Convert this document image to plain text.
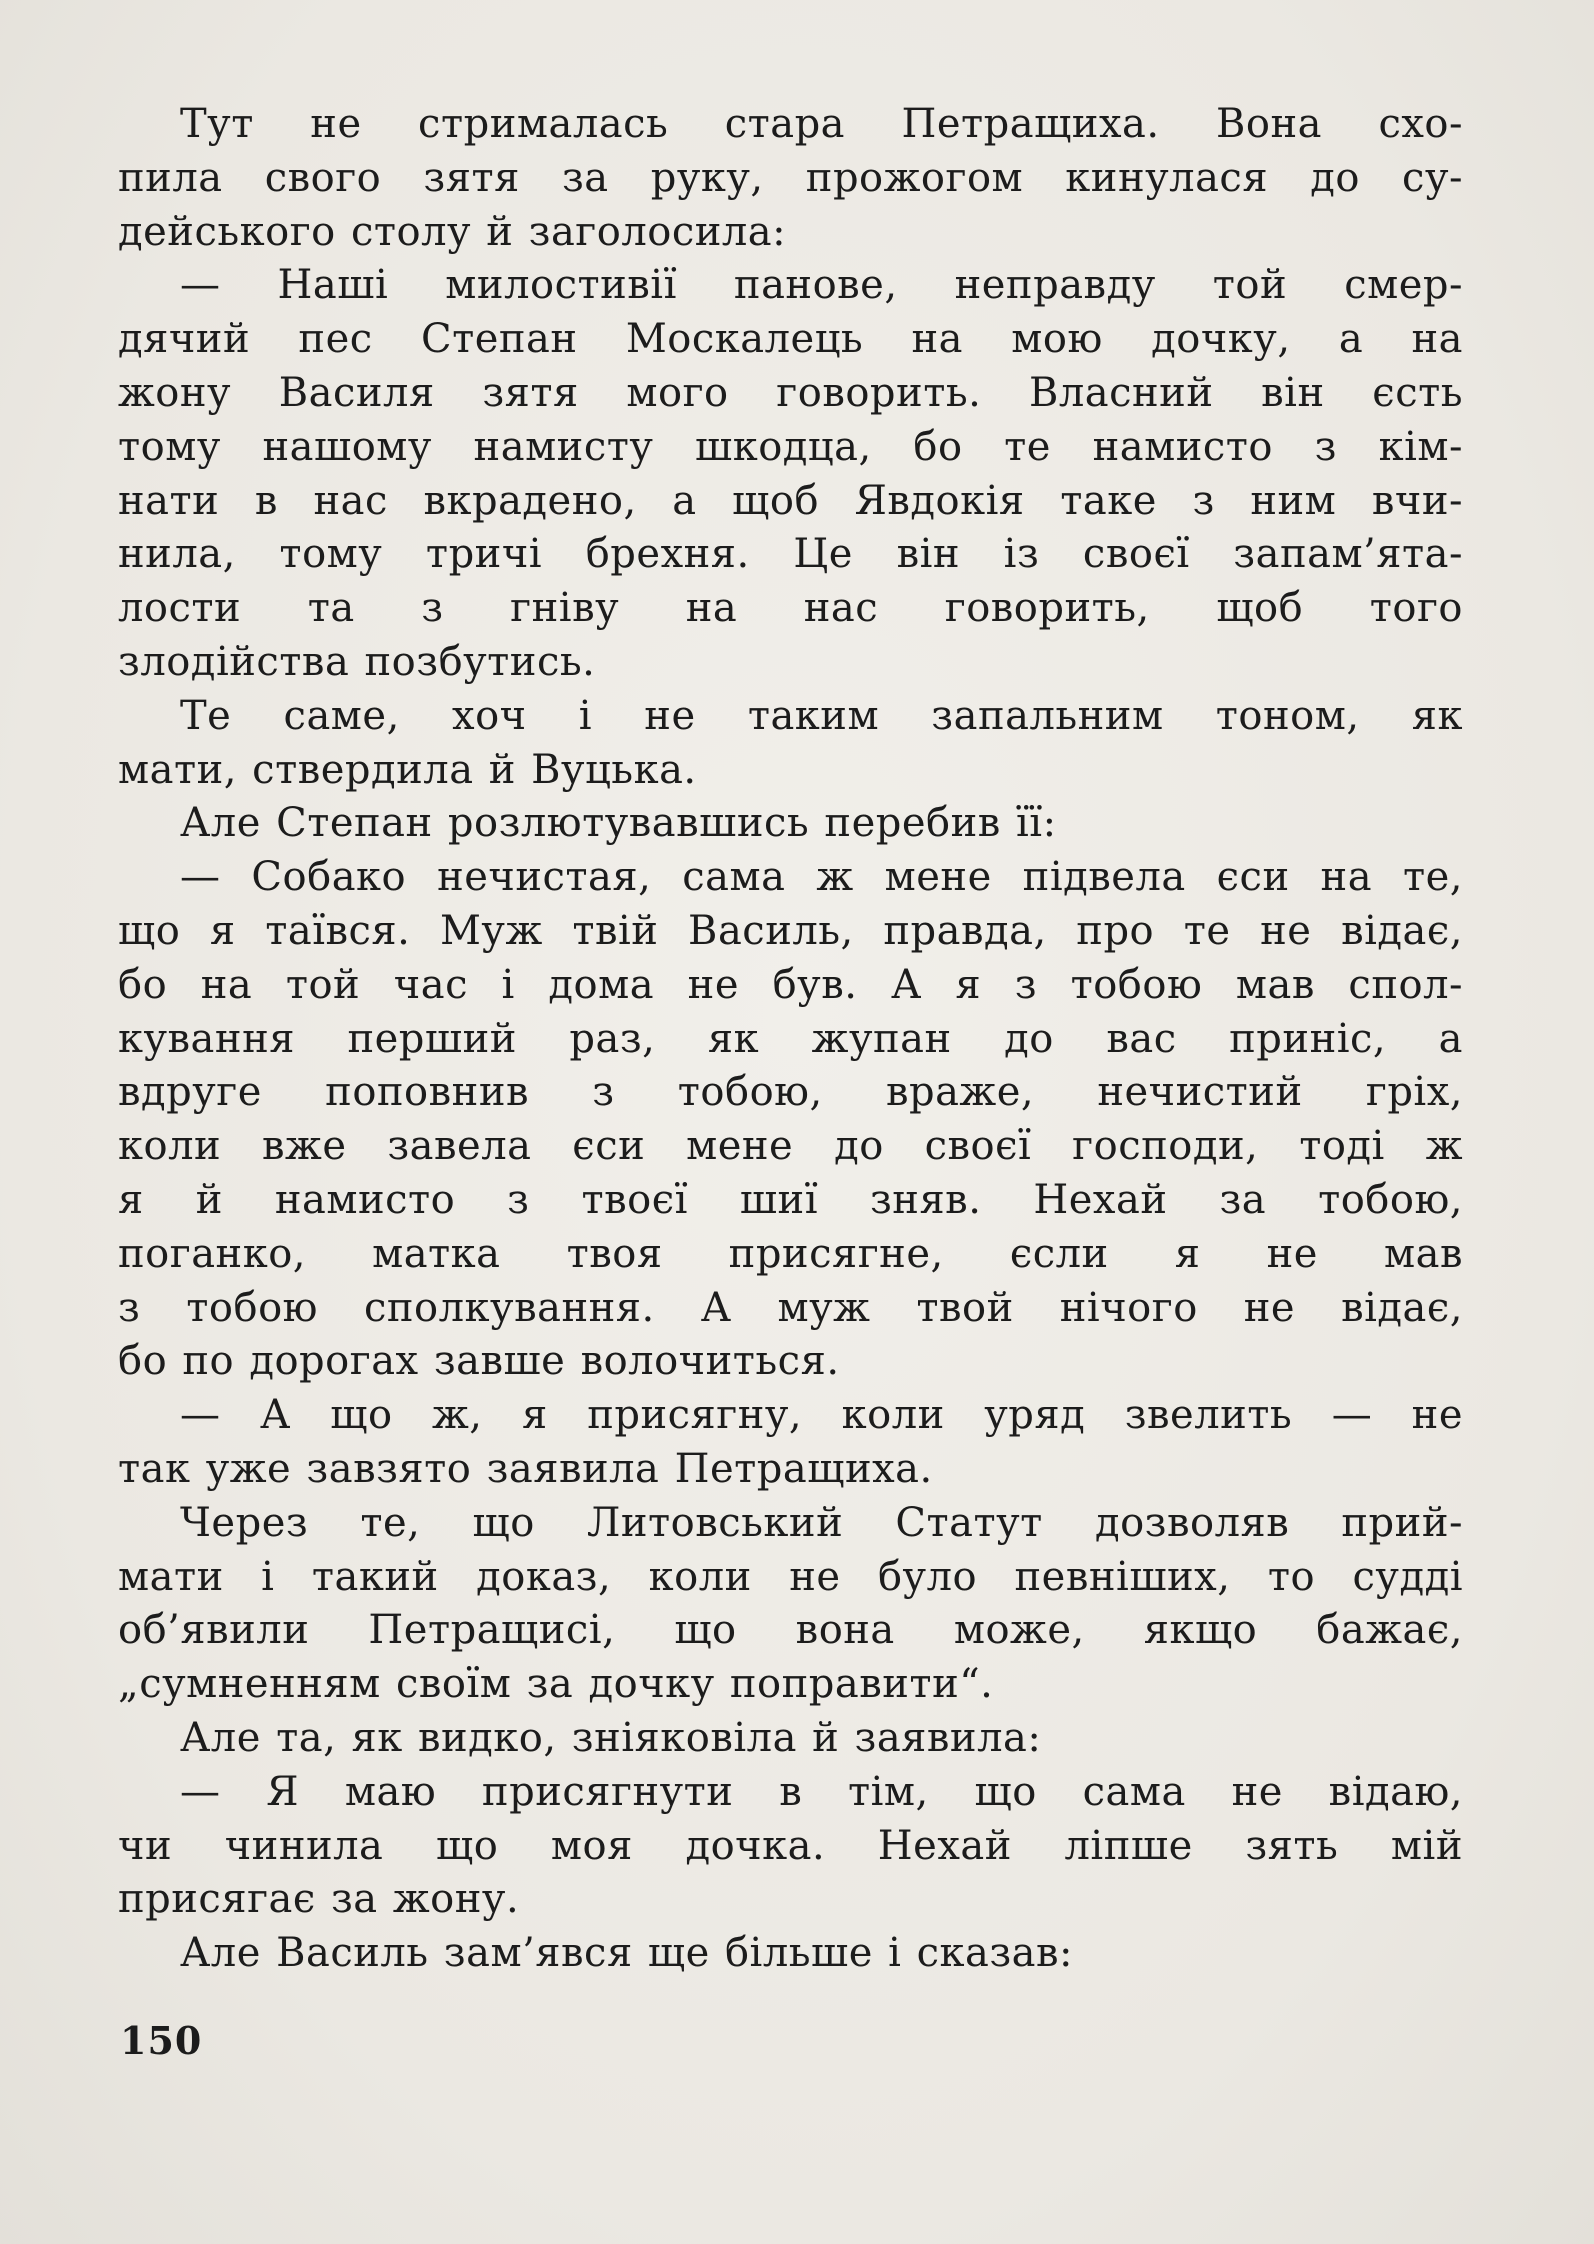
Тут не стрималась стара Петращиха. Вона схо-
пила свого зятя за руку, прожогом кинулася до су-
дейського столу й заголосила:
— Наші милостивії панове, неправду той смер-
дячий пес Степан Москалець на мою дочку, а на
жону Василя зятя мого говорить. Власний він єсть
тому нашому намисту шкодца, бо те намисто з кім-
нати в нас вкрадено, а щоб Явдокія таке з ним вчи-
нила, тому тричі брехня. Це він із своєї запам’ята-
лости та з гніву на нас говорить, щоб того
злодійства позбутись.
Те саме, хоч і не таким запальним тоном, як
мати, ствердила й Вуцька.
Але Степан розлютувавшись перебив її:
— Собако нечистая, сама ж мене підвела єси на те,
що я таївся. Муж твій Василь, правда, про те не відає,
бо на той час і дома не був. А я з тобою мав спол-
кування перший раз, як жупан до вас приніс, а
вдруге поповнив з тобою, враже, нечистий гріх,
коли вже завела єси мене до своєї господи, тоді ж
я й намисто з твоєї шиї зняв. Нехай за тобою,
поганко, матка твоя присягне, єсли я не мав
з тобою сполкування. А муж твой нічого не відає,
бо по дорогах завше волочиться.
— А що ж, я присягну, коли уряд звелить — не
так уже завзято заявила Петращиха.
Через те, що Литовський Статут дозволяв прий-
мати і такий доказ, коли не було певніших, то судді
об’явили Петращисі, що вона може, якщо бажає,
„сумненням своїм за дочку поправити“.
Але та, як видко, зніяковіла й заявила:
— Я маю присягнути в тім, що сама не відаю,
чи чинила що моя дочка. Нехай ліпше зять мій
присягає за жону.
Але Василь зам’явся ще більше і сказав:
150
